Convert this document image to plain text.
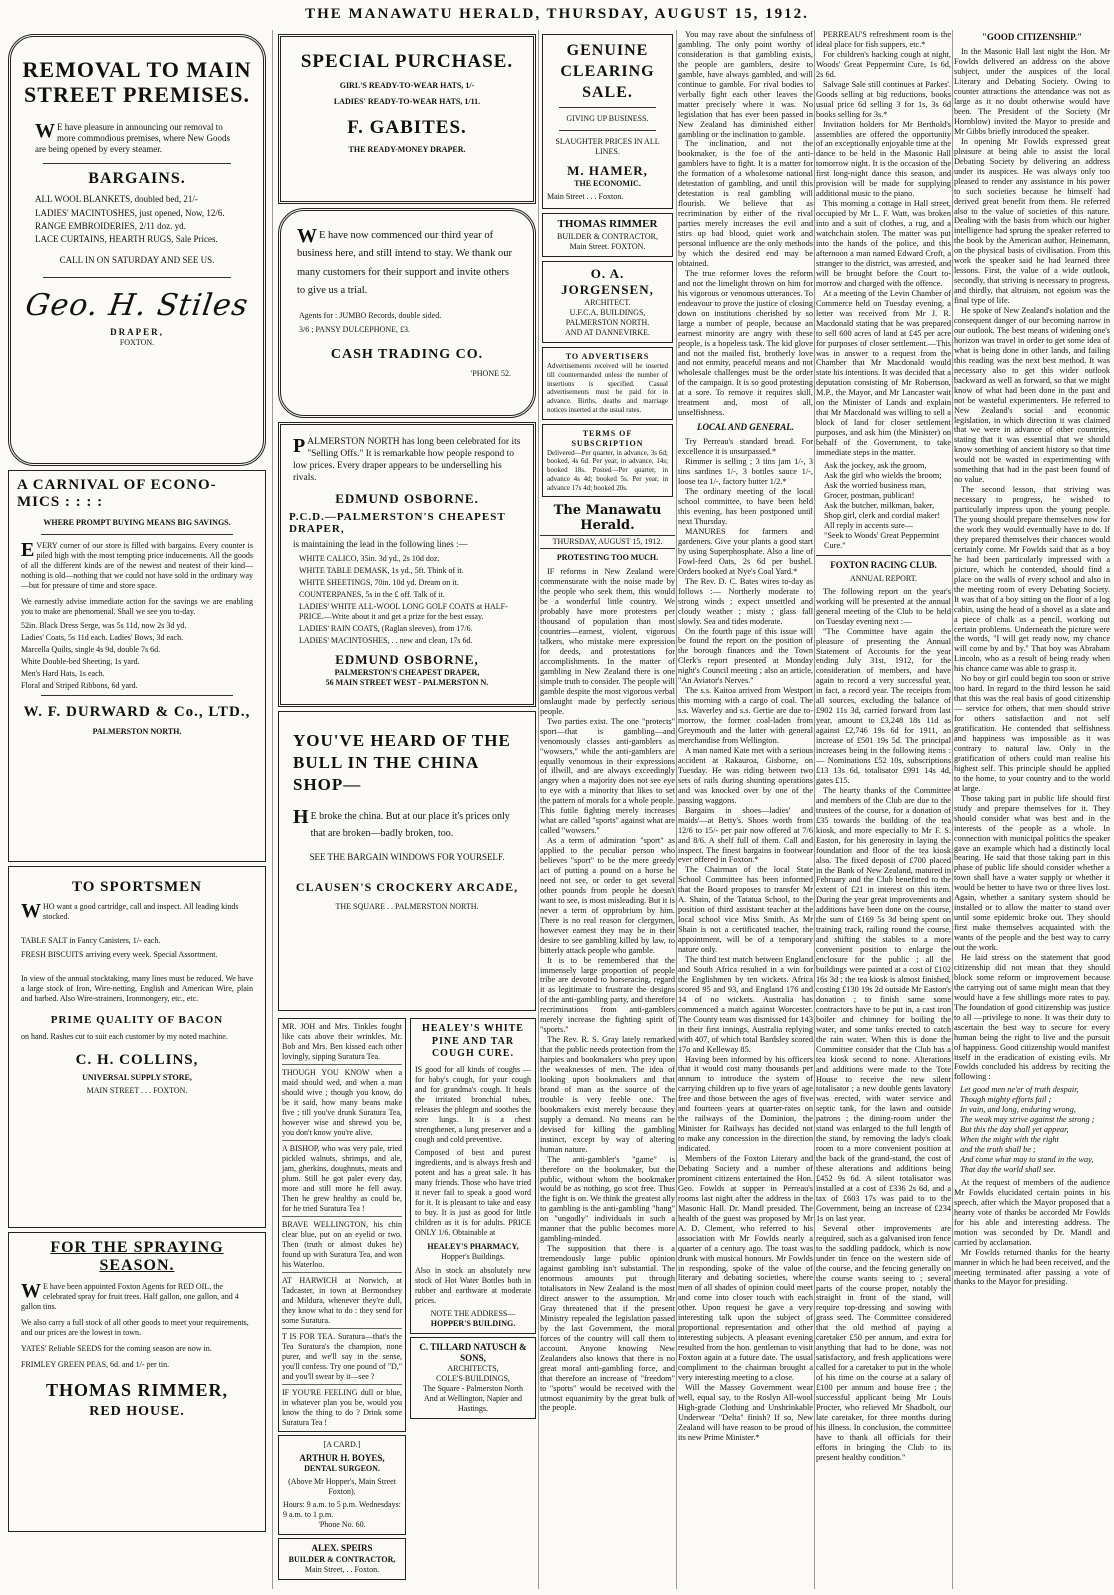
THE MANAWATU HERALD, THURSDAY, AUGUST 15, 1912.
REMOVAL TO MAIN STREET PREMISES.
WE have pleasure in announcing our removal to more commodious premises, where New Goods are being opened by every steamer.
BARGAINS.
ALL WOOL BLANKETS, doubled bed, 21/-
LADIES' MACINTOSHES, just opened, Now, 12/6.
RANGE EMBROIDERIES, 2/11 doz. yd.
LACE CURTAINS, HEARTH RUGS, Sale Prices.
CALL IN ON SATURDAY AND SEE US.
Geo. H. Stiles
DRAPER,
FOXTON.
A CARNIVAL OF ECONO- MICS : : : :
WHERE PROMPT BUYING MEANS BIG SAVINGS.
EVERY corner of our store is filled with bargains. Every counter is piled high with the most tempting price inducements. All the goods of all the different kinds are of the newest and neatest of their kind—nothing is old—nothing that we could not have sold in the ordinary way—but for pressure of time and store space.
We earnestly advise immediate action for the savings we are enabling you to make are phenomenal. Shall we see you to-day.
52in. Black Dress Serge, was 5s 11d, now 2s 3d yd.
Ladies' Coats, 5s 11d each. Ladies' Bows, 3d each.
Marcella Quilts, single 4s 9d, double 7s 6d.
White Double-bed Sheeting, 1s yard.
Men's Hard Hats, 1s each.
Floral and Striped Ribbons, 6d yard.
W. F. DURWARD & Co., LTD.,
PALMERSTON NORTH.
TO SPORTSMEN
WHO want a good cartridge, call and inspect. All leading kinds stocked.
TABLE SALT in Fancy Canisters, 1/- each.
FRESH BISCUITS arriving every week. Special Assortment.
In view of the annual stocktaking, many lines must be reduced. We have a large stock of Iron, Wire-netting, English and American Wire, plain and barbed. Also Wire-strainers, Ironmongery, etc., etc.
PRIME QUALITY OF BACON
on hand. Rashes cut to suit each customer by my noted machine.
C. H. COLLINS,
UNIVERSAL SUPPLY STORE,
MAIN STREET . . . FOXTON.
FOR THE SPRAYING SEASON.
WE have been appointed Foxton Agents for RED OIL, the celebrated spray for fruit trees. Half gallon, one gallon, and 4 gallon tins.
We also carry a full stock of all other goods to meet your requirements, and our prices are the lowest in town.
YATES' Reliable SEEDS for the coming season are now in.
FRIMLEY GREEN PEAS, 6d. and 1/- per tin.
THOMAS RIMMER,
RED HOUSE.
SPECIAL PURCHASE.
GIRL'S READY-TO-WEAR HATS, 1/-
LADIES' READY-TO-WEAR HATS, 1/11.
F. GABITES.
THE READY-MONEY DRAPER.
WE have now commenced our third year of business here, and still intend to stay. We thank our many customers for their support and invite others to give us a trial.
Agents for : JUMBO Records, double sided.
3/6 ; PANSY DULCEPHONE, £3.
CASH TRADING CO.
'PHONE 52.
PALMERSTON NORTH has long been celebrated for its "Selling Offs." It is remarkable how people respond to low prices. Every draper appears to be underselling his rivals.
EDMUND OSBORNE.
P.C.D.—PALMERSTON'S CHEAPEST DRAPER,
is maintaining the lead in the following lines :—
WHITE CALICO, 35in. 3d yd., 2s 10d doz.
WHITE TABLE DEMASK, 1s yd., 5ft. Think of it.
WHITE SHEETINGS, 70in. 10d yd. Dream on it.
COUNTERPANES, 5s in the £ off. Talk of it.
LADIES' WHITE ALL-WOOL LONG GOLF COATS at HALF-PRICE.—Write about it and get a prize for the best essay.
LADIES' RAIN COATS, (Raglan sleeves), from 17/6.
LADIES' MACINTOSHES, . . new and clean, 17s 6d.
EDMUND OSBORNE,
PALMERSTON'S CHEAPEST DRAPER,
56 MAIN STREET WEST - PALMERSTON N.
YOU'VE HEARD OF THE BULL IN THE CHINA SHOP—
HE broke the china. But at our place it's prices only that are broken—badly broken, too.
SEE THE BARGAIN WINDOWS FOR YOURSELF.
CLAUSEN'S CROCKERY ARCADE,
THE SQUARE . . PALMERSTON NORTH.
MR. JOH and Mrs. Tinkles fought like cats above their wrinkles. Mr. Bob and Mrs. Ben kissed each other lovingly, sipping Suratura Tea.
THOUGH YOU KNOW when a maid should wed, and when a man should wive ; though you know, do be it said, how many beans make five ; till you've drunk Suratura Tea, however wise and shrewd you be, you don't know you're alive.
A BISHOP, who was very pale, tried pickled walnuts, shrimps, and ale, jam, gherkins, doughnuts, meats and plum. Still he got paler every day, more and still more he fell away. Then he grew healthy as could be, for he tried Suratura Tea !
BRAVE WELLINGTON, his chin clear blue, put on an eyelid or two. Then (truth or almost dukes he) found up with Suratura Tea, and won his Waterloo.
AT HARWICH at Norwich, at Tadcaster, in town at Bermondsey and Mildura, whenever they're dull, they know what to do : they send for some Suratura.
T IS FOR TEA. Suratura—that's the Tea Suratura's the champion, none purer, and we'll say in the sense, you'll confess. Try one pound of "D," and you'll swear by it—see ?
IF YOU'RE FEELING dull or blue, in whatever plan you be, would you know the thing to do ? Drink some Suratura Tea !
[A CARD.]
ARTHUR H. BOYES,
DENTAL SURGEON.
(Above Mr Hopper's, Main Street Foxton).
Hours: 9 a.m. to 5 p.m. Wednesdays: 9 a.m. to 1 p.m.
'Phone No. 60.
ALEX. SPEIRS
BUILDER & CONTRACTOR,
Main Street, . . Foxton.
HEALEY'S WHITE PINE AND TAR COUGH CURE.
IS good for all kinds of coughs — for baby's cough, for your cough and for grandma's cough. It heals the irritated bronchial tubes, releases the phlegm and soothes the sore lungs. It is a chest strengthener, a lung preserver and a cough and cold preventive.
Composed of best and purest ingredients, and is always fresh and potent and has a great sale. It has many friends. Those who have tried it never fail to speak a good word for it. It is pleasant to take and easy to buy. It is just as good for little children as it is for adults. PRICE ONLY 1/6. Obtainable at
HEALEY'S PHARMACY,
Hopper's Buildings.
Also in stock an absolutely new stock of Hot Water Bottles both in rubber and earthware at moderate prices.
NOTE THE ADDRESS—
HOPPER'S BUILDING.
C. TILLARD NATUSCH & SONS,
ARCHITECTS,
COLE'S BUILDINGS,
The Square - Palmerston North
And at Wellington, Napier and Hastings.
GENUINE CLEARING SALE.
GIVING UP BUSINESS.
SLAUGHTER PRICES IN ALL LINES.
M. HAMER,
THE ECONOMIC.
Main Street . . . Foxton.
THOMAS RIMMER
BUILDER & CONTRACTOR,
Main Street. FOXTON.
O. A. JORGENSEN,
ARCHITECT.
U.F.C.A. BUILDINGS, PALMERSTON NORTH.
AND AT DANNEVIRKE.
TO ADVERTISERS
Advertisements received will be inserted till countermanded unless the number of insertions is specified. Casual advertisements must be paid for in advance. Births, deaths and marriage notices inserted at the usual rates.
TERMS OF SUBSCRIPTION
Delivered—Per quarter, in advance, 3s 6d; booked, 4s 6d. Per year, in advance, 14s; booked 18s. Posted—Per quarter, in advance 4s 4d; booked 5s. Per year, in advance 17s 4d; booked 20s.
The Manawatu Herald.
THURSDAY, AUGUST 15, 1912.
PROTESTING TOO MUCH.

IF reforms in New Zealand were commensurate with the noise made by the people who seek them, this would be a wonderful little country. We probably have more protesters per thousand of population than most countries—earnest, violent, vigorous talkers, who mistake mere expression for deeds, and protestations for accomplishments. In the matter of gambling in New Zealand there is one simple truth to consider. The people will gamble despite the most vigorous verbal onslaught made by perfectly serious people.

Two parties exist. The one "protects" sport—that is gambling—and venomously classes anti-gamblers as "wowsers," while the anti-gamblers are equally venomous in their expressions of illwill, and are always exceedingly angry when a majority does not see eye to eye with a minority that likes to set the pattern of morals for a whole people. This futile fighting merely increases what are called "sports" against what are called "wowsers."

As a term of admiration "sport" as applied to the peculiar person who believes "sport" to be the mere greedy act of putting a pound on a horse he need not see, or order to get several other pounds from people he doesn't want to see, is most misleading. But it is never a term of opprobrium by him. There is no real reason for clergymen, however earnest they may be in their desire to see gambling killed by law, to bitterly attack people who gamble.

It is to be remembered that the immensely large proportion of people tribe are devoted to horseracing, regard it as legitimate to frustrate the designs of the anti-gambling party, and therefore recriminations from anti-gamblers merely increase the fighting spirit of "sports."

The Rev. R. S. Gray lately remarked that the public needs protection from the harpies and bookmakers who prey upon the weaknesses of men. The idea of looking upon bookmakers and that brand of man as the source of the trouble is very feeble one. The bookmakers exist merely because they supply a demand. No means can be devised for killing the gambling instinct, except by way of altering human nature.

The anti-gambler's "game" is therefore on the bookmaker, but the public, without whom the bookmaker would be as nothing, go scot free. Thus the fight is on. We think the greatest ally to gambling is the anti-gambling "hang" on "ungodly" individuals in such a manner that the public becomes more gambling-minded.

The supposition that there is a tremendously large public opinion against gambling isn't substantial. The enormous amounts put through totalisators in New Zealand is the most direct answer to the assumption. Mr Gray threatened that if the present Ministry repealed the legislation passed by the last Government, the moral forces of the country will call them to account. Anyone knowing New Zealanders also knows that there is no great moral anti-gambling force, and that therefore an increase of "freedom" to "sports" would be received with the utmost equanimity by the great bulk of the people.

You may rave about the sinfulness of gambling. The only point worthy of consideration is that gambling exists, the people are gamblers, desire to gamble, have always gambled, and will continue to gamble. For rival bodies to verbally fight each other leaves the matter precisely where it was. No legislation that has ever been passed in New Zealand has diminished either gambling or the inclination to gamble.

The inclination, and not the bookmaker, is the foe of the anti-gamblers have to fight. It is a matter for the formation of a wholesome national detestation of gambling, and until this detestation is real gambling will flourish. We believe that as recrimination by either of the rival parties merely increases the evil and stirs up bad blood, quiet work and personal influence are the only methods by which the desired end may be obtained.

The true reformer loves the reform and not the limelight thrown on him for his vigorous or venomous utterances. To endeavour to prove the justice of closing down on institutions cherished by so large a number of people, because an earnest minority are angry with these people, is a hopeless task. The kid glove and not the mailed fist, brotherly love and not enmity, peaceful means and not wholesale challenges must be the order of the campaign. It is so good protesting at a sore. To remove it requires skill, treatment and, most of all, unselfishness.

LOCAL AND GENERAL.

Try Perreau's standard bread. For excellence it is unsurpassed.*

Rimmer is selling ; 3 tins jam 1/-, 3 tins sardines 1/-, 3 bottles sauce 1/-, loose tea 1/-, factory butter 1/2.*

The ordinary meeting of the local school committee, to have been held this evening, has been postponed until next Thursday.

MANURES for farmers and gardeners. Give your plants a good start by using Superphosphate. Also a line of Fowl-feed Oats, 2s 6d per bushel. Orders booked at Nye's Coal Yard.*

The Rev. D. C. Bates wires to-day as follows :— Northerly moderate to strong winds ; expect unsettled and cloudy weather ; misty ; glass fall slowly. Sea and tides moderate.

On the fourth page of this issue will be found the report on the position of the borough finances and the Town Clerk's report presented at Monday night's Council meeting ; also an article, "An Aviator's Nerves."

The s.s. Kaitoa arrived from Westport this morning with a cargo of coal. The s.s. Waverley and s.s. Gertie are due to-morrow, the former coal-laden from Greymouth and the latter with general merchandise from Wellington.

A man named Kate met with a serious accident at Rakauroa, Gisborne, on Tuesday. He was riding between two sets of rails during shunting operations and was knocked over by one of the passing waggons.

Bargains in shoes—ladies' and maids'—at Betty's. Shoes worth from 12/6 to 15/- per pair now offered at 7/6 and 8/6. A shelf full of them. Call and inspect. The finest bargains in footwear ever offered in Foxton.*

The Chairman of the local State School Committee has been informed that the Board proposes to transfer Mr A. Shain, of the Tatatua School, to the position of third assistant teacher at the local school vice Miss Smith. As Mr Shain is not a certificated teacher, the appointment, will be of a temporary nature only.

The third test match between England and South Africa resulted in a win for the Englishmen by ten wickets. Africa scored 95 and 93, and England 176 and 14 of no wickets. Australia has commenced a match against Worcester. The County team was dismissed for 143 in their first innings, Australia replying with 407, of which total Bardsley scored 17o and Kelleway 85.

Having been informed by his officers that it would cost many thousands per annum to introduce the system of carrying children up to five years of age free and those between the ages of five and fourteen years at quarter-rates on the railways of the Dominion, the Minister for Railways has decided not to make any concession in the direction indicated.

Members of the Foxton Literary and Debating Society and a number of prominent citizens entertained the Hon. Geo. Fowlds at supper in Perreau's rooms last night after the address in the Masonic Hall. Dr. Mandl presided. The health of the guest was proposed by Mr A. D. Clement, who referred to his association with Mr Fowlds nearly a quarter of a century ago. The toast was drunk with musical honours. Mr Fowlds in responding, spoke of the value of literary and debating societies, where men of all shades of opinion could meet and come into closer touch with each other. Upon request he gave a very interesting talk upon the subject of proportional representation and other interesting subjects. A pleasant evening resulted from the hon. gentleman to visit Foxton again at a future date. The usual compliment to the chairman brought a very interesting meeting to a close.

Will the Massey Government wear well, equal say, to the Roslyn All-wool High-grade Clothing and Unshrinkable Underwear "Delta" finish? If so, New Zealand will have reason to be proud of its new Prime Minister.*

PERREAU'S refreshment room is the ideal place for fish suppers, etc.*

For children's hacking cough at night, Woods' Great Peppermint Cure, 1s 6d, 2s 6d.

Salvage Sale still continues at Parkes'. Goods selling at big reductions, books usual price 6d selling 3 for 1s, 3s 6d books selling for 3s.*

Invitation holders for Mr Berthold's assemblies are offered the opportunity of an exceptionally enjoyable time at the dance to be held in the Masonic Hall tomorrow night. It is the occasion of the first long-night dance this season, and provision will be made for supplying additional music to the piano.

This morning a cottage in Hall street, occupied by Mr L. F. Watt, was broken into and a suit of clothes, a rug, and a watchchain stolen. The matter was put into the hands of the police, and this afternoon a man named Edward Croft, a stranger to the district, was arrested, and will be brought before the Court to-morrow and charged with the offence.

At a meeting of the Levin Chamber of Commerce held on Tuesday evening, a letter was received from Mr J. R. Macdonald stating that he was prepared to sell 600 acres of land at £45 per acre for purposes of closer settlement.—This was in answer to a request from the Chamber that Mr Macdonald would state his intentions. It was decided that a deputation consisting of Mr Robertson, M.P., the Mayor, and Mr Lancaster wait on the Minister of Lands and explain that Mr Macdonald was willing to sell a block of land for closer settlement purposes, and ask him (the Minister) on behalf of the Government, to take immediate steps in the matter.

Ask the jockey, ask the groom,
Ask the girl who wields the broom;
Ask the worried business man,
Grocer, postman, publican!
Ask the butcher, milkman, baker,
Shop girl, clerk and cordial maker!
All reply in accents sure—
"Seek to Woods' Great Peppermint Cure."
FOXTON RACING CLUB.
ANNUAL REPORT.

The following report on the year's working will be presented at the annual general meeting of the Club to be held on Tuesday evening next :—

"The Committee have again the pleasure of presenting the Annual Statement of Accounts for the year ending July 31st, 1912, for the consideration of members, and have again to record a very successful year, in fact, a record year. The receipts from all sources, excluding the balance of £902 11s 3d, carried forward from last year, amount to £3,248 18s 11d as against £2,746 19s 6d for 1911, an increase of £501 19s 5d. The principal increases being in the following items :— Nominations £52 10s, subscriptions £13 13s 6d, totalisator £991 14s 4d, gates £15.

The hearty thanks of the Committee and members of the Club are due to the trustees of the course, for a donation of £35 towards the building of the tea kiosk, and more especially to Mr F. S. Easton, for his generosity in laying the foundation and floor of the tea kiosk also. The fixed deposit of £700 placed in the Bank of New Zealand, matured in February and the Club benefitted to the extent of £21 in interest on this item. During the year great improvements and additions have been done on the course, the sum of £169 5s 3d being spent on training track, railing round the course, and shifting the stables to a more convenient position to enlarge the enclosure for the public ; all the buildings were painted at a cost of £102 16s 3d ; the tea kiosk is almost finished, costing £130 19s 2d outside Mr Easton's donation ; to finish same some contractors have to be put in, a cast iron boiler and chimney for boiling the water, and some tanks erected to catch the rain water. When this is done the Committee consider that the Club has a tea kiosk second to none. Alterations and additions were made to the Tote House to receive the new silent totalisator ; a new double gents lavatory was erected, with water service and septic tank, for the lawn and outside patrons ; the dining-room under the stand was enlarged to the full length of the stand, by removing the lady's cloak room to a more convenient position at the back of the grand-stand, the cost of these alterations and additions being £452 9s 6d. A silent totalisator was installed at a cost of £336 2s 6d, and a tax of £603 17s was paid to to the Government, being an increase of £234 1s on last year.

Several other improvements are required, such as a galvanised iron fence to the saddling paddock, which is now under tin fence on the western side of the course, and the fencing generally on the course wants seeing to ; several parts of the course proper, notably the straight in front of the stand, will require top-dressing and sowing with grass seed. The Committee considered that the old method of paying a caretaker £50 per annum, and extra for anything that had to be done, was not satisfactory, and fresh applications were called for a caretaker to put in the whole of his time on the course at a salary of £100 per annum and house free ; the successful applicant being Mr Louis Procter, who relieved Mr Shadbolt, our late caretaker, for three months during his illness. In conclusion, the committee have to thank all officials for their efforts in bringing the Club to its present healthy condition."

"GOOD CITIZENSHIP."

In the Masonic Hall last night the Hon. Mr Fowlds delivered an address on the above subject, under the auspices of the local Literary and Debating Society. Owing to counter attractions the attendance was not as large as it no doubt otherwise would have been. The President of the Society (Mr Hornblow) invited the Mayor to preside and Mr Gibbs briefly introduced the speaker.

In opening Mr Fowlds expressed great pleasure at being able to assist the local Debating Society by delivering an address under its auspices. He was always only too pleased to render any assistance in his power to such societies because he himself had derived great benefit from them. He referred also to the value of societies of this nature. Dealing with the basis from which our higher intelligence had sprung the speaker referred to the book by the American author, Heinemann, on the physical basis of civilisation. From this work the speaker said he had learned three lessons. First, the value of a wide outlook, secondly, that striving is necessary to progress, and thirdly, that altruism, not egoism was the final type of life.

He spoke of New Zealand's isolation and the consequent danger of our becoming narrow in our outlook. The best means of widening one's horizon was travel in order to get some idea of what is being done in other lands, and failing this reading was the next best method. It was necessary also to get this wider outlook backward as well as forward, so that we might know of what had been done in the past and not be wasteful experimenters. He referred to New Zealand's social and economic legislation, in which direction it was claimed that we were in advance of other countries, stating that it was essential that we should know something of ancient history so that time would not be wasted in experimenting with something that had in the past been found of no value.

The second lesson, that striving was necessary to progress, he wished to particularly impress upon the young people. The young should prepare themselves now for the work they would eventually have to do. If they prepared themselves their chances would certainly come. Mr Fowlds said that as a boy he had been particularly impressed with a picture, which he contended, should find a place on the walls of every school and also in the meeting room of every Debating Society. It was that of a boy sitting on the floor of a log cabin, using the head of a shovel as a slate and a piece of chalk as a pencil, working out certain problems. Underneath the picture were the words, "I will get ready now, my chance will come by and by." That boy was Abraham Lincoln, who as a result of being ready when his chance came was able to grasp it.

No boy or girl could begin too soon or strive too hard. In regard to the third lesson he said that this was the real basis of good citizenship — service for others, that men should strive for others satisfaction and not self gratification. He contended that selfishness and happiness was impossible as it was contrary to natural law. Only in the gratification of others could man realise his highest self. This principle should be applied to the home, to your country and to the world at large.

Those taking part in public life should first study and prepare themselves for it. They should consider what was best and in the interests of the people as a whole. In connection with municipal politics the speaker gave an example which had a distinctly local bearing. He said that those taking part in this phase of public life should consider whether a town shall have a water supply or whether it would be better to have two or three lives lost. Again, whether a sanitary system should be installed or to allow the matter to stand over until some epidemic broke out. They should first make themselves acquainted with the wants of the people and the best way to carry out the work.

He laid stress on the statement that good citizenship did not mean that they should block some reform or improvement because the carrying out of same might mean that they would have a few shillings more rates to pay. The foundation of good citizenship was justice to all —privilege to none. It was their duty to ascertain the best way to secure for every human being the right to live and the pursuit of happiness. Good citizenship would manifest itself in the eradication of existing evils. Mr Fowlds concluded his address by reciting the following :

Let good men ne'er of truth despair,
Though mighty efforts fail ;
In vain, and long, enduring wrong,
The weak may strive against the strong ;
But this the day shall yet appear,
When the might with the right
and the truth shall be ;
And come what may to stand in the way,
That day the world shall see.

At the request of members of the audience Mr Fowlds elucidated certain points in his speech, after which the Mayor proposed that a hearty vote of thanks be accorded Mr Fowlds for his able and interesting address. The motion was seconded by Dr. Mandl and carried by acclamation.

Mr Fowlds returned thanks for the hearty manner in which he had been received, and the meeting terminated after passing a vote of thanks to the Mayor for presiding.
